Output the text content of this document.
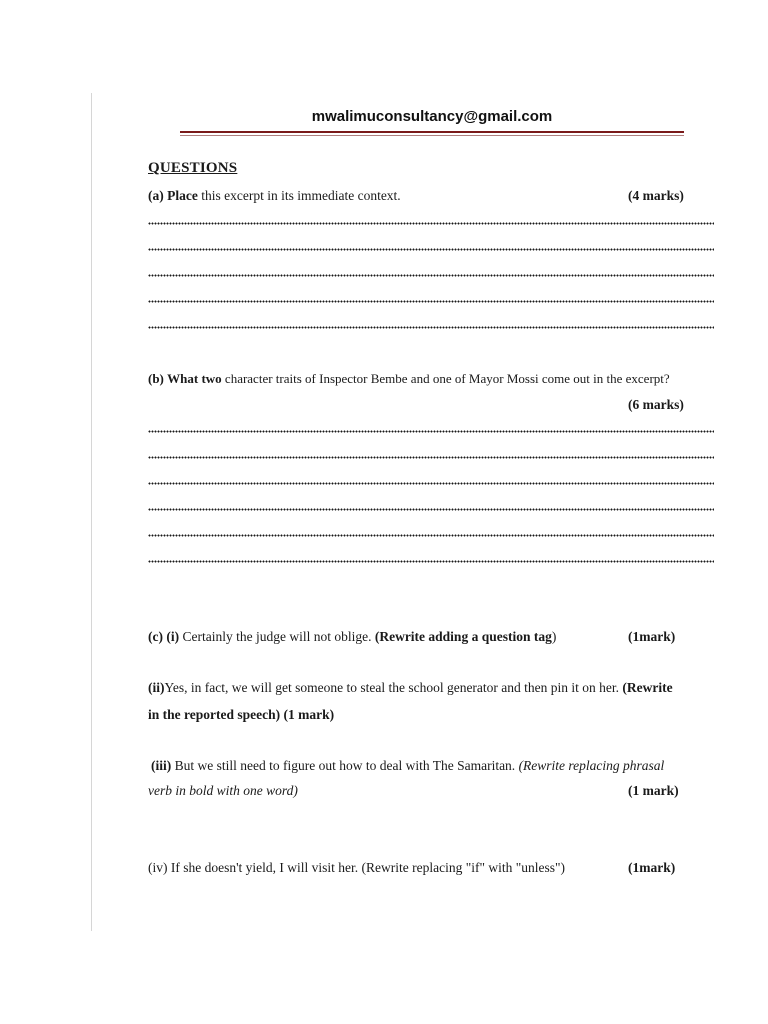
mwalimuconsultancy@gmail.com
QUESTIONS
(a) Place this excerpt in its immediate context.	(4 marks)
(b) What two character traits of Inspector Bembe and one of Mayor Mossi come out in the excerpt?
(6 marks)
(c) (i) Certainly the judge will not oblige. (Rewrite adding a question tag)	(1mark)
(ii)Yes, in fact, we will get someone to steal the school generator and then pin it on her. (Rewrite
in the reported speech) (1 mark)
(iii) But we still need to figure out how to deal with The Samaritan. (Rewrite replacing phrasal
verb in bold with one word)	(1 mark)
(iv) If she doesn't yield, I will visit her. (Rewrite replacing "if" with "unless")	(1mark)
